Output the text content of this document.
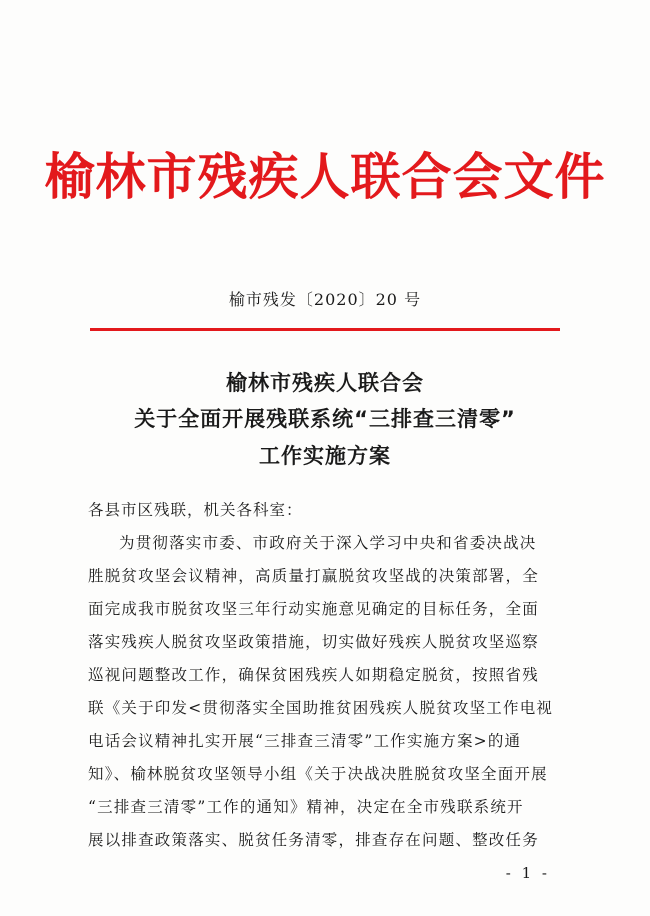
榆林市残疾人联合会文件
榆市残发〔2020〕20 号
榆林市残疾人联合会
关于全面开展残联系统“三排查三清零”
工作实施方案
各县市区残联，机关各科室：
为贯彻落实市委、市政府关于深入学习中央和省委决战决
胜脱贫攻坚会议精神，高质量打赢脱贫攻坚战的决策部署，全
面完成我市脱贫攻坚三年行动实施意见确定的目标任务，全面
落实残疾人脱贫攻坚政策措施，切实做好残疾人脱贫攻坚巡察
巡视问题整改工作，确保贫困残疾人如期稳定脱贫，按照省残
联《关于印发<贯彻落实全国助推贫困残疾人脱贫攻坚工作电视
电话会议精神扎实开展“三排查三清零”工作实施方案>的通
知》、榆林脱贫攻坚领导小组《关于决战决胜脱贫攻坚全面开展
“三排查三清零”工作的通知》精神，决定在全市残联系统开
展以排查政策落实、脱贫任务清零，排查存在问题、整改任务
- 1 -
